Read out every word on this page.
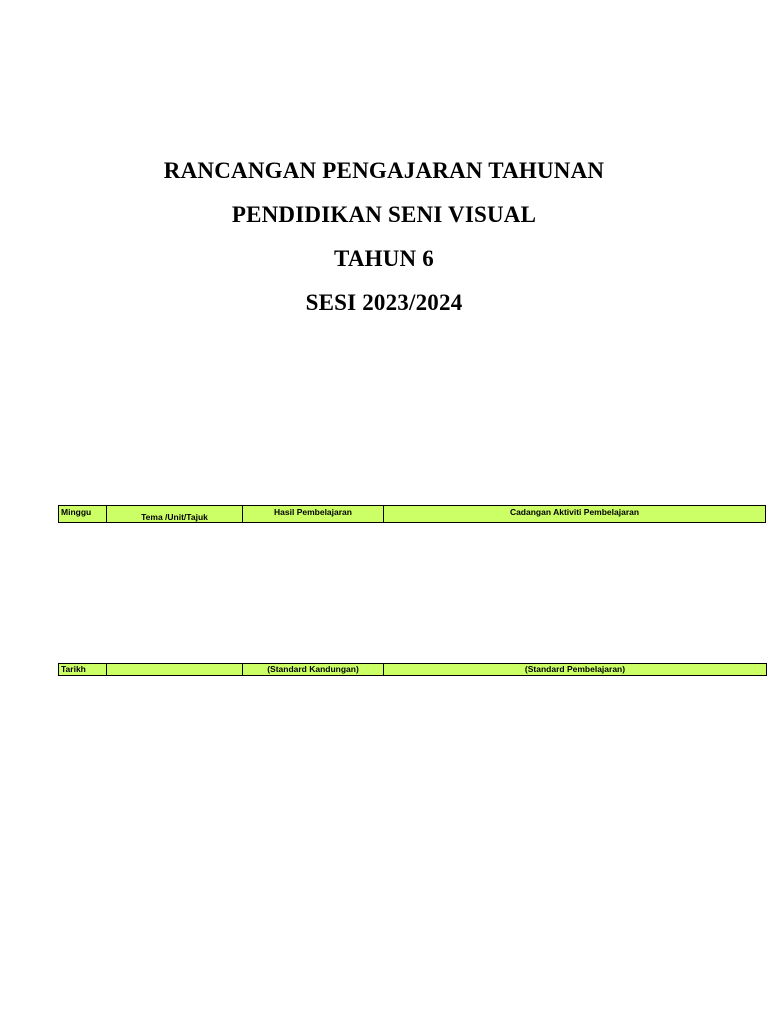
RANCANGAN PENGAJARAN TAHUNAN
PENDIDIKAN SENI VISUAL
TAHUN 6
SESI 2023/2024
Minggu	Tema /Unit/Tajuk	Hasil Pembelajaran	Cadangan Aktiviti Pembelajaran
Tarikh		(Standard Kandungan)	(Standard Pembelajaran)
